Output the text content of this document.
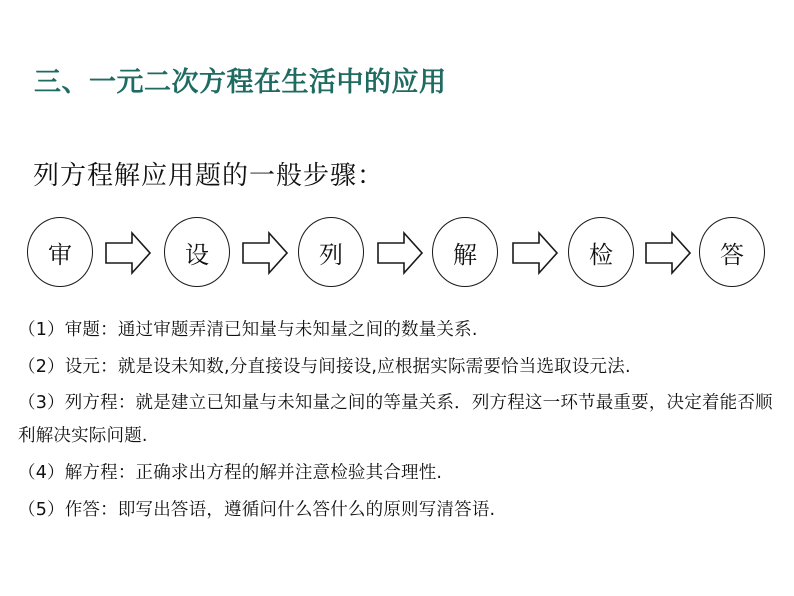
三、一元二次方程在生活中的应用
列方程解应用题的一般步骤：
审	设	列	解	检	答
（1）审题：通过审题弄清已知量与未知量之间的数量关系.
（2）设元：就是设未知数,分直接设与间接设,应根据实际需要恰当选取设元法.
（3）列方程：就是建立已知量与未知量之间的等量关系．列方程这一环节最重要，决定着能否顺利解决实际问题.
（4）解方程：正确求出方程的解并注意检验其合理性.
（5）作答：即写出答语，遵循问什么答什么的原则写清答语.
